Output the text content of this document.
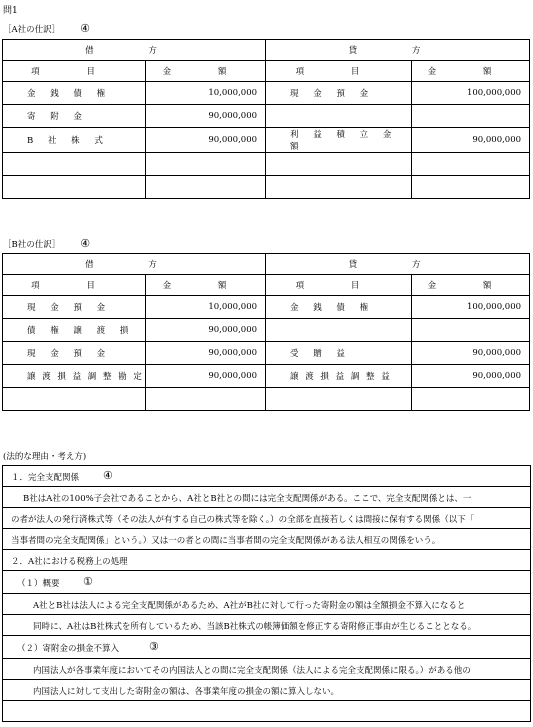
問1
［A社の仕訳］ ④
借 方		貸 方	
項 目	金 額	項 目	金 額
金 銭 債 権	10,000,000	現 金 預 金	100,000,000
寄 附 金	90,000,000		
B 社 株 式	90,000,000	利 益 積 立 金 額	90,000,000

［B社の仕訳］ ④
借 方		貸 方	
項 目	金 額	項 目	金 額
現 金 預 金	10,000,000	金 銭 債 権	100,000,000
債 権 譲 渡 損	90,000,000		
現 金 預 金	90,000,000	受 贈 益	90,000,000
譲 渡 損 益 調 整 勘 定	90,000,000	譲 渡 損 益 調 整 益	90,000,000

(法的な理由・考え方)
１．完全支配関係 ④
B社はA社の100%子会社であることから、A社とB社との間には完全支配関係がある。ここで、完全支配関係とは、一
の者が法人の発行済株式等（その法人が有する自己の株式等を除く。）の全部を直接若しくは間接に保有する関係（以下「
当事者間の完全支配関係」という。）又は一の者との間に当事者間の完全支配関係がある法人相互の関係をいう。
２．A社における税務上の処理
（１）概要 ①
A社とB社は法人による完全支配関係があるため、A社がB社に対して行った寄附金の額は全額損金不算入になると
同時に、A社はB社株式を所有しているため、当該B社株式の帳簿価額を修正する寄附修正事由が生じることとなる。
（２）寄附金の損金不算入	③
内国法人が各事業年度においてその内国法人との間に完全支配関係（法人による完全支配関係に限る。）がある他の
内国法人に対して支出した寄附金の額は、各事業年度の損金の額に算入しない。
